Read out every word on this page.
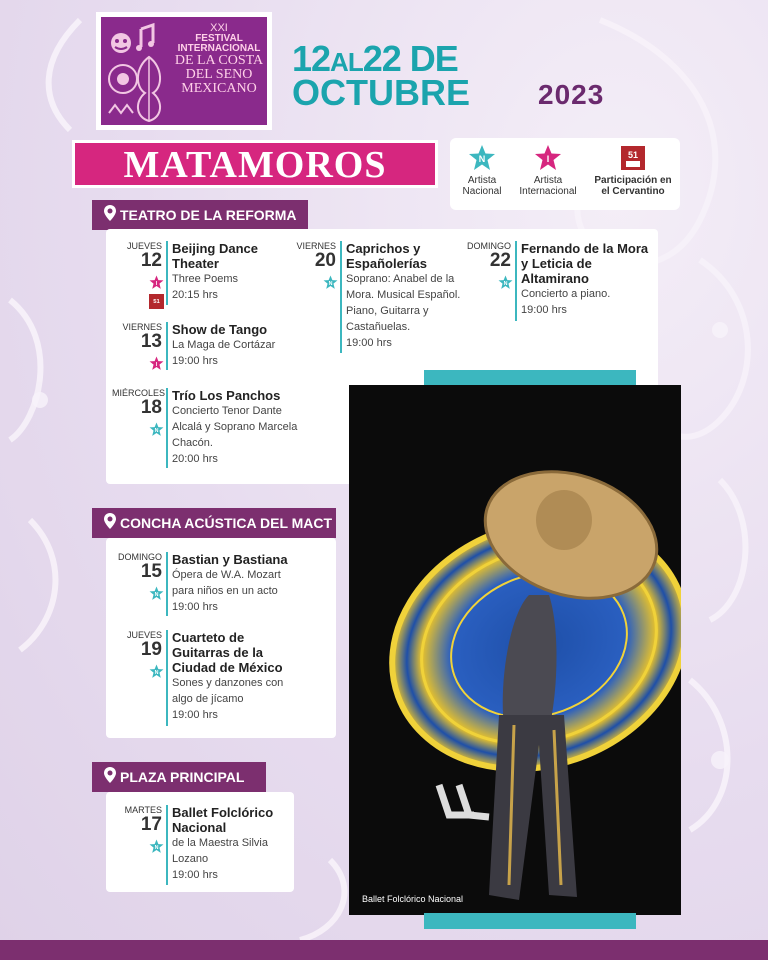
XXI
FESTIVAL
INTERNACIONAL
DE LA COSTA
DEL SENO
MEXICANO
12AL22 DE
OCTUBRE 2023
MATAMOROS	N
Artista
Nacional
I
Artista
Internacional
51
Participación en
el Cervantino
TEATRO DE LA REFORMA
JUEVES
12
I
51
Beijing Dance Theater
Three Poems
20:15 hrs
VIERNES
13
I
Show de Tango
La Maga de Cortázar
19:00 hrs
MIÉRCOLES
18
N
Trío Los Panchos
Concierto Tenor Dante Alcalá y Soprano Marcela Chacón.
20:00 hrs
VIERNES
20
N
Caprichos y Españolerías
Soprano: Anabel de la Mora. Musical Español. Piano, Guitarra y Castañuelas.
19:00 hrs
DOMINGO
22
N
Fernando de la Mora y Leticia de Altamirano
Concierto a piano.
19:00 hrs
CONCHA ACÚSTICA DEL MACT
DOMINGO
15
N
Bastian y Bastiana
Ópera de W.A. Mozart para niños en un acto
19:00 hrs
JUEVES
19
N
Cuarteto de Guitarras de la Ciudad de México
Sones y danzones con algo de jícamo
19:00 hrs
PLAZA PRINCIPAL
MARTES
17
N
Ballet Folclórico Nacional
de la Maestra Silvia Lozano
19:00 hrs
Ballet Folclórico Nacional
